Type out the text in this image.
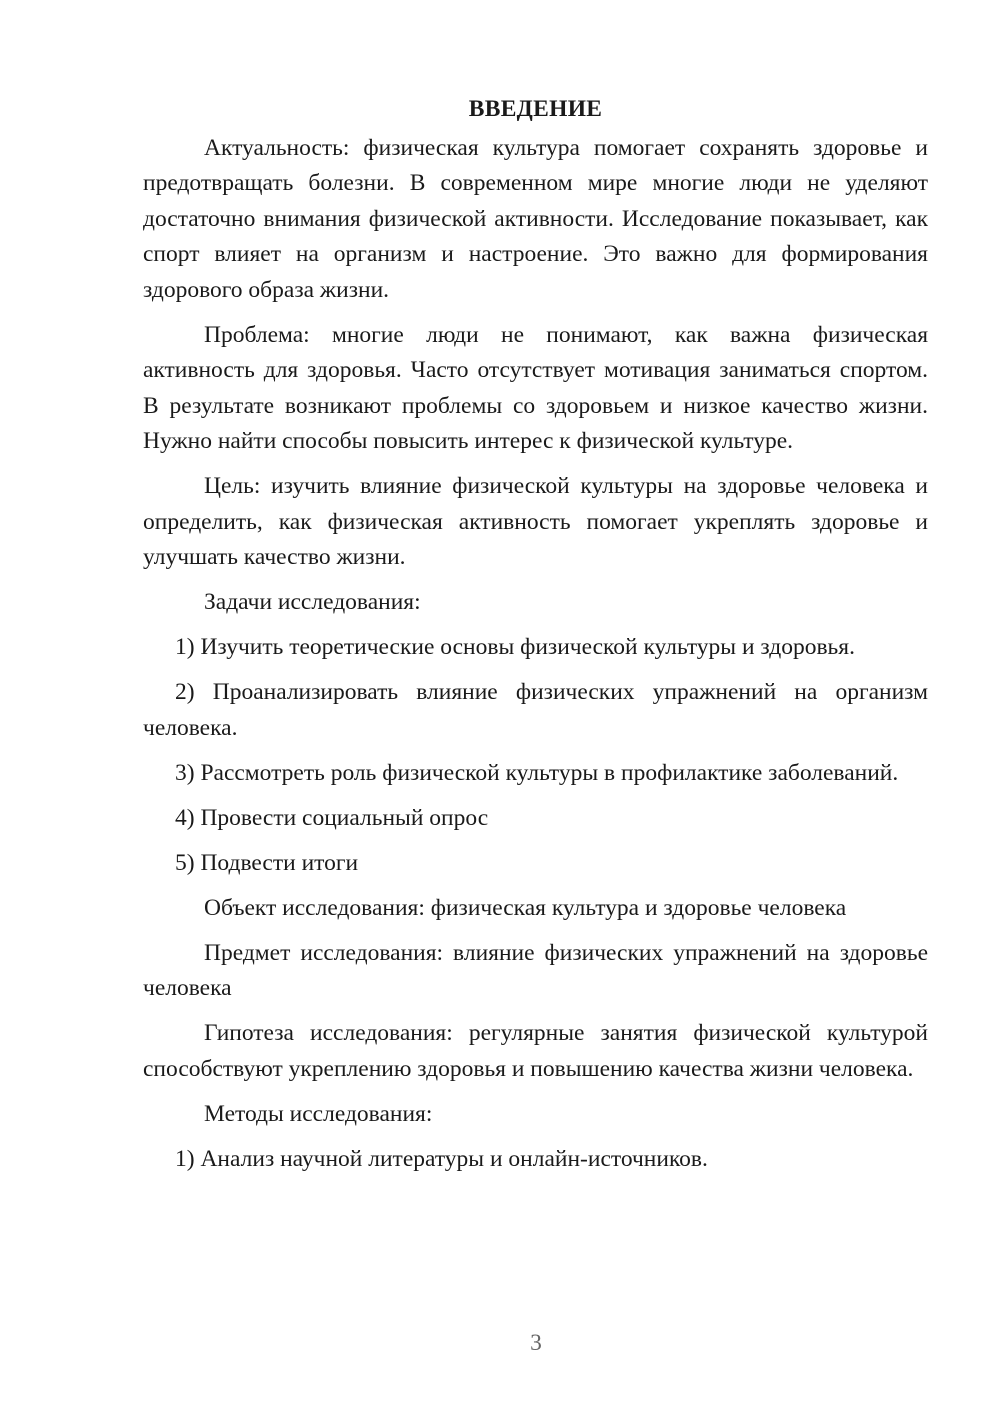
ВВЕДЕНИЕ

Актуальность: физическая культура помогает сохранять здоровье и предотвращать болезни. В современном мире многие люди не уделяют достаточно внимания физической активности. Исследование показывает, как спорт влияет на организм и настроение. Это важно для формирования здорового образа жизни.

Проблема: многие люди не понимают, как важна физическая активность для здоровья. Часто отсутствует мотивация заниматься спортом. В результате возникают проблемы со здоровьем и низкое качество жизни. Нужно найти способы повысить интерес к физической культуре.

Цель: изучить влияние физической культуры на здоровье человека и определить, как физическая активность помогает укреплять здоровье и улучшать качество жизни.

Задачи исследования:

1) Изучить теоретические основы физической культуры и здоровья.

2) Проанализировать влияние физических упражнений на организм человека.

3) Рассмотреть роль физической культуры в профилактике заболеваний.

4) Провести социальный опрос

5) Подвести итоги

Объект исследования: физическая культура и здоровье человека

Предмет исследования: влияние физических упражнений на здоровье человека

Гипотеза исследования: регулярные занятия физической культурой способствуют укреплению здоровья и повышению качества жизни человека.

Методы исследования:

1) Анализ научной литературы и онлайн-источников.

3
